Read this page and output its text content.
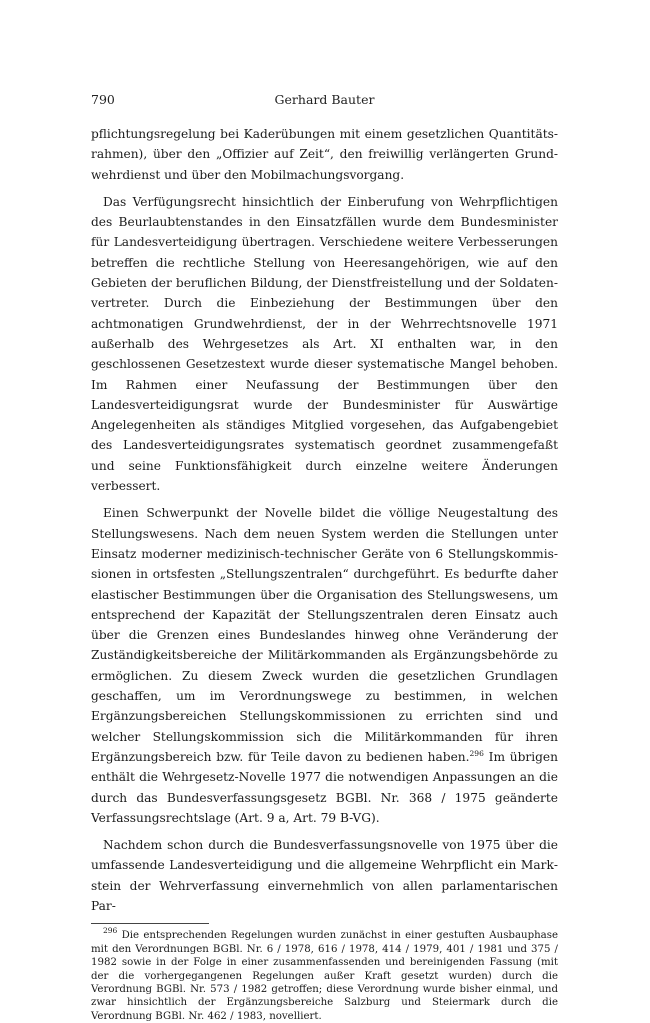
790	Gerhard Bauter

pflichtungsregelung bei Kaderübungen mit einem gesetzlichen Quantitätsrahmen), über den „Offizier auf Zeit“, den freiwillig verlängerten Grundwehrdienst und über den Mobilmachungsvorgang.

Das Verfügungsrecht hinsichtlich der Einberufung von Wehrpflichtigen des Beurlaubtenstandes in den Einsatzfällen wurde dem Bundesminister für Landesverteidigung übertragen. Verschiedene weitere Verbesserungen betreffen die rechtliche Stellung von Heeresangehörigen, wie auf den Gebieten der beruflichen Bildung, der Dienstfreistellung und der Soldatenvertreter. Durch die Einbeziehung der Bestimmungen über den achtmonatigen Grundwehrdienst, der in der Wehrrechtsnovelle 1971 außerhalb des Wehrgesetzes als Art. XI enthalten war, in den geschlossenen Gesetzestext wurde dieser systematische Mangel behoben. Im Rahmen einer Neufassung der Bestimmungen über den Landesverteidigungsrat wurde der Bundesminister für Auswärtige Angelegenheiten als ständiges Mitglied vorgesehen, das Aufgabengebiet des Landesverteidigungsrates systematisch geordnet zusammengefaßt und seine Funktionsfähigkeit durch einzelne weitere Änderungen verbessert.

Einen Schwerpunkt der Novelle bildet die völlige Neugestaltung des Stellungswesens. Nach dem neuen System werden die Stellungen unter Einsatz moderner medizinisch-technischer Geräte von 6 Stellungskommissionen in ortsfesten „Stellungszentralen“ durchgeführt. Es bedurfte daher elastischer Bestimmungen über die Organisation des Stellungswesens, um entsprechend der Kapazität der Stellungszentralen deren Einsatz auch über die Grenzen eines Bundeslandes hinweg ohne Veränderung der Zuständigkeitsbereiche der Militärkommanden als Ergänzungsbehörde zu ermöglichen. Zu diesem Zweck wurden die gesetzlichen Grundlagen geschaffen, um im Verordnungswege zu bestimmen, in welchen Ergänzungsbereichen Stellungskommissionen zu errichten sind und welcher Stellungskommission sich die Militärkommanden für ihren Ergänzungsbereich bzw. für Teile davon zu bedienen haben.$^{296}$ Im übrigen enthält die Wehrgesetz-Novelle 1977 die notwendigen Anpassungen an die durch das Bundesverfassungsgesetz BGBl. Nr. 368 / 1975 geänderte Verfassungsrechtslage (Art. 9 a, Art. 79 B-VG).

Nachdem schon durch die Bundesverfassungsnovelle von 1975 über die umfassende Landesverteidigung und die allgemeine Wehrpflicht ein Markstein der Wehrverfassung einvernehmlich von allen parlamentarischen Par-

$^{296}$ Die entsprechenden Regelungen wurden zunächst in einer gestuften Ausbauphase mit den Verordnungen BGBl. Nr. 6 / 1978, 616 / 1978, 414 / 1979, 401 / 1981 und 375 / 1982 sowie in der Folge in einer zusammenfassenden und bereinigenden Fassung (mit der die vorhergegangenen Regelungen außer Kraft gesetzt wurden) durch die Verordnung BGBl. Nr. 573 / 1982 getroffen; diese Verordnung wurde bisher einmal, und zwar hinsichtlich der Ergänzungsbereiche Salzburg und Steiermark durch die Verordnung BGBl. Nr. 462 / 1983, novelliert.
